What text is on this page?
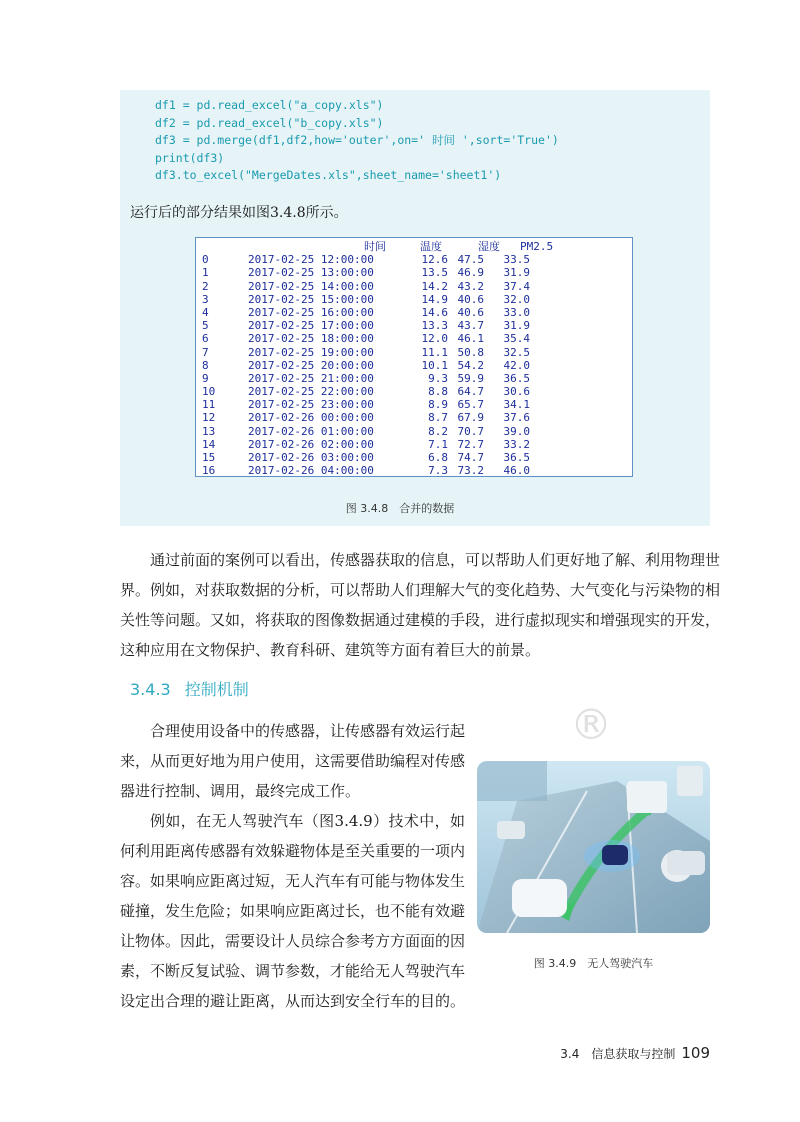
df1 = pd.read_excel("a_copy.xls")
df2 = pd.read_excel("b_copy.xls")
df3 = pd.merge(df1,df2,how='outer',on=' 时间 ',sort='True')
print(df3)
df3.to_excel("MergeDates.xls",sheet_name='sheet1')
运行后的部分结果如图3.4.8所示。
时间	温度	湿度 PM2.5
0	2017-02-25 12:00:00	12.6 47.5 33.5
1	2017-02-25 13:00:00	13.5 46.9 31.9
2	2017-02-25 14:00:00	14.2 43.2 37.4
3	2017-02-25 15:00:00	14.9 40.6 32.0
4	2017-02-25 16:00:00	14.6 40.6 33.0
5	2017-02-25 17:00:00	13.3 43.7 31.9
6	2017-02-25 18:00:00	12.0 46.1 35.4
7	2017-02-25 19:00:00	11.1 50.8 32.5
8	2017-02-25 20:00:00	10.1 54.2 42.0
9	2017-02-25 21:00:00	9.3 59.9 36.5
10	2017-02-25 22:00:00	8.8 64.7 30.6
11	2017-02-25 23:00:00	8.9 65.7 34.1
12	2017-02-26 00:00:00	8.7 67.9 37.6
13	2017-02-26 01:00:00	8.2 70.7 39.0
14	2017-02-26 02:00:00	7.1 72.7 33.2
15	2017-02-26 03:00:00	6.8 74.7 36.5
16	2017-02-26 04:00:00	7.3 73.2 46.0
图 3.4.8　合并的数据
通过前面的案例可以看出，传感器获取的信息，可以帮助人们更好地了解、利用物理世界。例如，对获取数据的分析，可以帮助人们理解大气的变化趋势、大气变化与污染物的相关性等问题。又如，将获取的图像数据通过建模的手段，进行虚拟现实和增强现实的开发，这种应用在文物保护、教育科研、建筑等方面有着巨大的前景。
3.4.3 控制机制

合理使用设备中的传感器，让传感器有效运行起来，从而更好地为用户使用，这需要借助编程对传感器进行控制、调用，最终完成工作。

例如，在无人驾驶汽车（图3.4.9）技术中，如何利用距离传感器有效躲避物体是至关重要的一项内容。如果响应距离过短，无人汽车有可能与物体发生碰撞，发生危险；如果响应距离过长，也不能有效避让物体。因此，需要设计人员综合参考方方面面的因素，不断反复试验、调节参数，才能给无人驾驶汽车设定出合理的避让距离，从而达到安全行车的目的。

®
图 3.4.9　无人驾驶汽车
3.4　信息获取与控制 109
